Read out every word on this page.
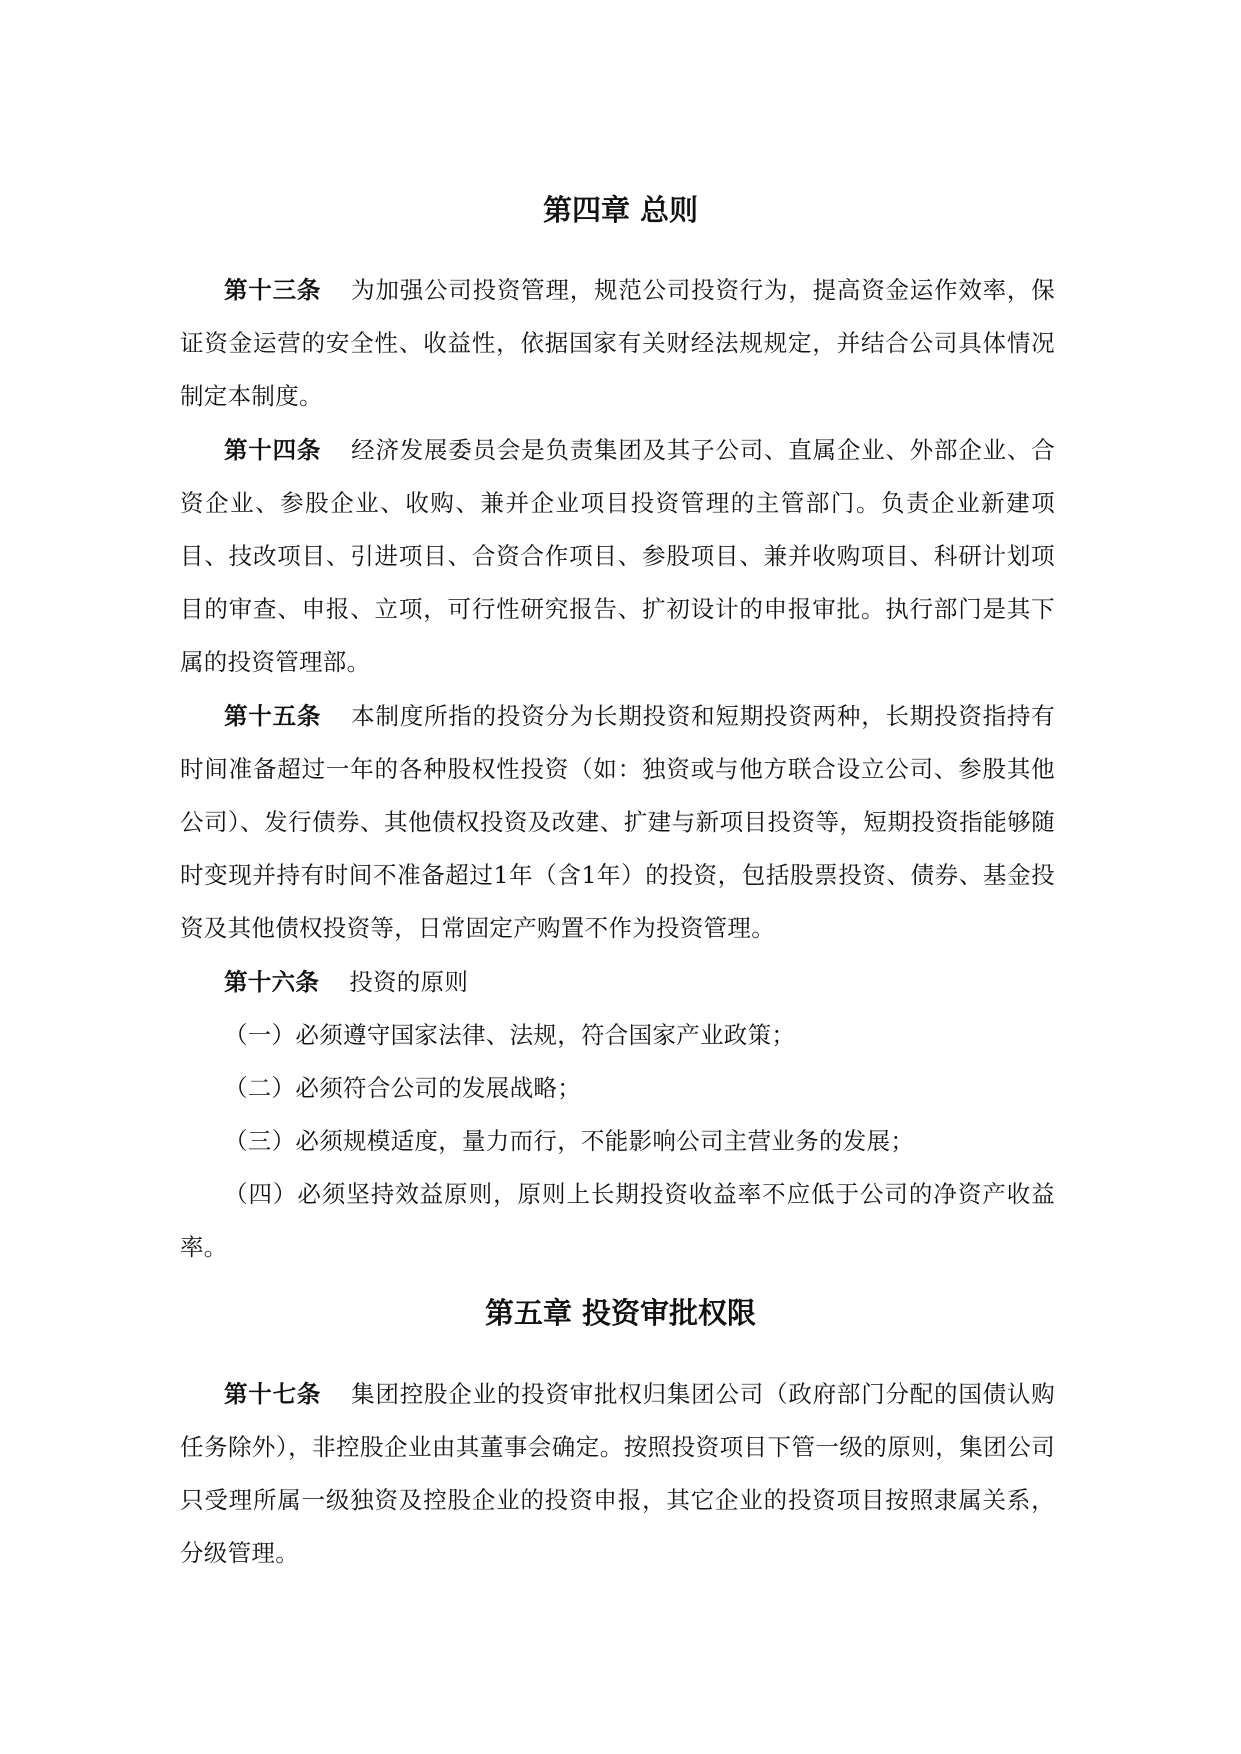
第四章 总则

第十三条 为加强公司投资管理，规范公司投资行为，提高资金运作效率，保证资金运营的安全性、收益性，依据国家有关财经法规规定，并结合公司具体情况制定本制度。

第十四条 经济发展委员会是负责集团及其子公司、直属企业、外部企业、合资企业、参股企业、收购、兼并企业项目投资管理的主管部门。负责企业新建项目、技改项目、引进项目、合资合作项目、参股项目、兼并收购项目、科研计划项目的审查、申报、立项，可行性研究报告、扩初设计的申报审批。执行部门是其下属的投资管理部。

第十五条 本制度所指的投资分为长期投资和短期投资两种，长期投资指持有时间准备超过一年的各种股权性投资（如：独资或与他方联合设立公司、参股其他公司）、发行债券、其他债权投资及改建、扩建与新项目投资等，短期投资指能够随时变现并持有时间不准备超过1年（含1年）的投资，包括股票投资、债券、基金投资及其他债权投资等，日常固定产购置不作为投资管理。

第十六条 投资的原则

（一）必须遵守国家法律、法规，符合国家产业政策；

（二）必须符合公司的发展战略；

（三）必须规模适度，量力而行，不能影响公司主营业务的发展；

（四）必须坚持效益原则，原则上长期投资收益率不应低于公司的净资产收益率。

第五章 投资审批权限

第十七条 集团控股企业的投资审批权归集团公司（政府部门分配的国债认购任务除外），非控股企业由其董事会确定。按照投资项目下管一级的原则，集团公司只受理所属一级独资及控股企业的投资申报，其它企业的投资项目按照隶属关系，分级管理。
